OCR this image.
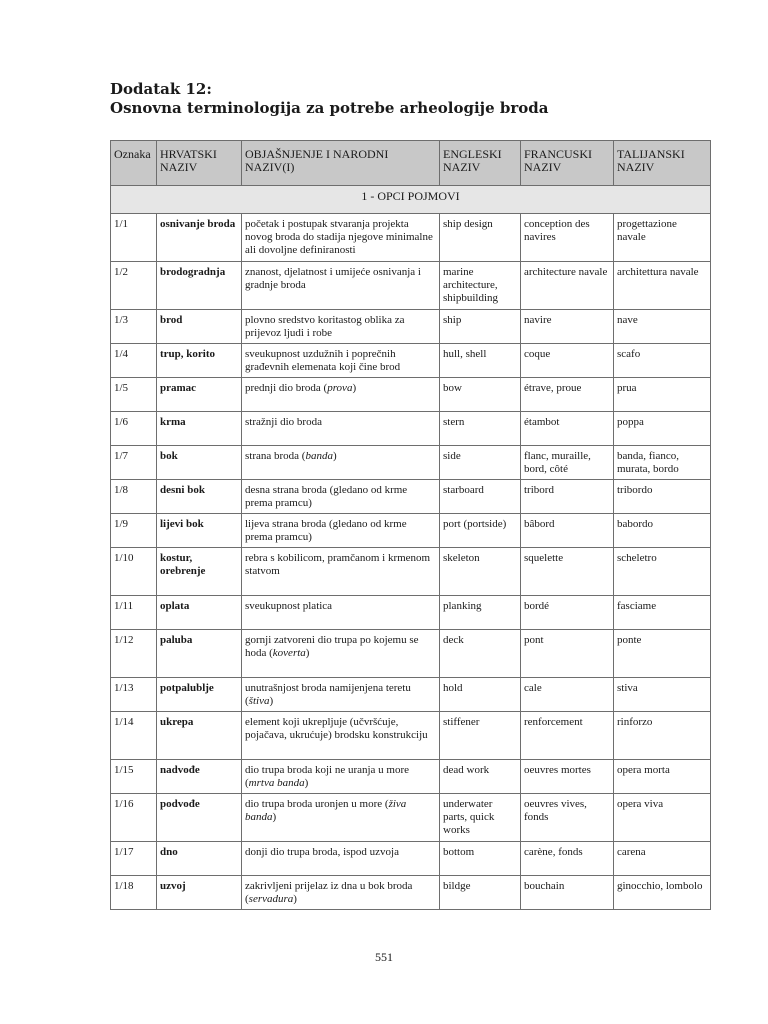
Dodatak 12:
Osnovna terminologija za potrebe arheologije broda
Oznaka	HRVATSKI NAZIV	OBJAŠNJENJE I NARODNI NAZIV(I)	ENGLESKI NAZIV	FRANCUSKI NAZIV	TALIJANSKI NAZIV
1 - OPCI POJMOVI					
1/1	osnivanje broda	početak i postupak stvaranja projekta novog broda do stadija njegove minimalne ali dovoljne definiranosti	ship design	conception des navires	progettazione navale
1/2	brodogradnja	znanost, djelatnost i umijeće osnivanja i gradnje broda	marine architecture, shipbuilding	architecture navale	architettura navale
1/3	brod	plovno sredstvo koritastog oblika za prijevoz ljudi i robe	ship	navire	nave
1/4	trup, korito	sveukupnost uzdužnih i poprečnih građevnih elemenata koji čine brod	hull, shell	coque	scafo
1/5	pramac	prednji dio broda (prova)	bow	étrave, proue	prua
1/6	krma	stražnji dio broda	stern	étambot	poppa
1/7	bok	strana broda (banda)	side	flanc, muraille, bord, côté	banda, fianco, murata, bordo
1/8	desni bok	desna strana broda (gledano od krme prema pramcu)	starboard	tribord	tribordo
1/9	lijevi bok	lijeva strana broda (gledano od krme prema pramcu)	port (portside)	bâbord	babordo
1/10	kostur, orebrenje	rebra s kobilicom, pramčanom i krmenom statvom	skeleton	squelette	scheletro
1/11	oplata	sveukupnost platica	planking	bordé	fasciame
1/12	paluba	gornji zatvoreni dio trupa po kojemu se hoda (koverta)	deck	pont	ponte
1/13	potpalublje	unutrašnjost broda namijenjena teretu (štiva)	hold	cale	stiva
1/14	ukrepa	element koji ukrepljuje (učvršćuje, pojačava, ukrućuje) brodsku konstrukciju	stiffener	renforcement	rinforzo
1/15	nadvođe	dio trupa broda koji ne uranja u more (mrtva banda)	dead work	oeuvres mortes	opera morta
1/16	podvođe	dio trupa broda uronjen u more (živa banda)	underwater parts, quick works	oeuvres vives, fonds	opera viva
1/17	dno	donji dio trupa broda, ispod uzvoja	bottom	carène, fonds	carena
1/18	uzvoj	zakrivljeni prijelaz iz dna u bok broda (servadura)	bildge	bouchain	ginocchio, lombolo
551
